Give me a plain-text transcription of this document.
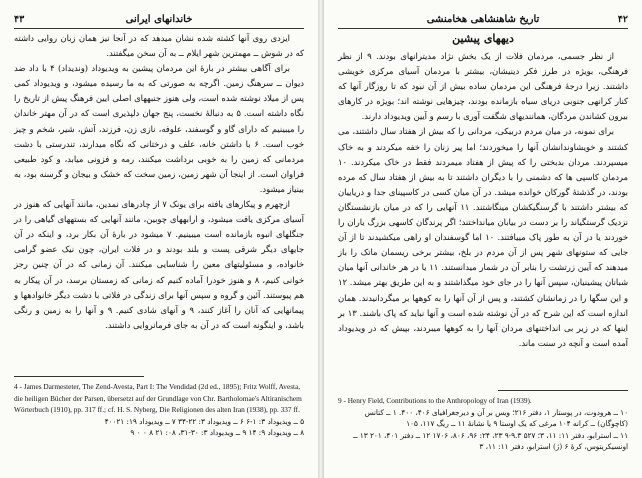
۴۳	خاندانهای ایرانی

ایزدی روی آنها کشته شده نشان میدهد که در آنجا نیز همان زبان روایی داشته که در شوش ــ مهمترین شهر ایلام ــ به آن سخن میگفتند.

برای آگاهی بیشتر در بارهٔ این مردمان پیشین به ویدیوداد (وندیداد) ۴ با داد ضد دیوان ــ سرهنگ زمین. اگرچه به صورتی که به ما رسیده میشود، و ویدیوداد کمی پس از میلاد نوشته شده است، ولی هنوز جنبههای اصلی ایین فرهنگ پیش از تاریخ را نگاه داشته است. ۵ به دنبالهٔ نخست، پنج جهان دلپذیری است که در آن مهتر خاندان را میبینیم که دارای گاو و گوسفند، علوفه، نازی زن، فرزند، آتش، شیر، شخم و چیز خوب است. ۶ با داشتن خانه، علف و درختانی که نگاه میدارند، تندرستی با دشت مردمانی که زمین را به خوبی برداشت میکنند، رمه و فزونی میابد، و کود طبیعی فراوان است. از اینجا آن شهر زمین، زمین سخت که خشک و بیجان و گرسنه بود، به بینیاز میشود.

ازچهرم و پیکارهای یافته برای یونک ۷ از چادرهای نمدین، مانند آنهایی که هنوز در آسیای مرکزی یافت میشود، و ارابههای چوبین، مانند آنهایی که بستههای گیاهی را در جنگلهای انبوه بازمانده است میبینیم. ۷ میشود در بارهٔ آن بکار برد، و اینکه در آن جایهای دیگر شرقی پست و بلند بودند و در فلات ایران، چون نیک عضو گرامی خانواده، و مسئولیتهای معین را شناسایی میکنند. آن زمانی که در آن چنین رجز خوانی کنیم، ۸ و هنوز خودرا آماده کنیم که زمانی که زمستان برسد، در آن پیکار به هم پیوستند. آئین و گروه و سپس آنها برای زندگی در فلاتی با دشت دیگر خانوادهها و پیمانهایی که آنان را آغاز کنند، ۹ و آنهای شادی کنیم. ۹ و آنها را به زمین و رنگی باشد، و اینگونه است که در آن به جای فرمانروایی داشتند.

4 - James Darmesteter, The Zend-Avesta, Part I: The Vendidad (2d ed., 1895); Fritz Wolff, Avesta, die heiligen Bücher der Parsen, übersetzt auf der Grundlage von Chr. Bartholomae's Altiranischem Wörterbuch (1910), pp. 317 ff.; cf. H. S. Nyberg, Die Religionen des alten Iran (1938), pp. 337 ff.

۵ ــ ویدیوداد ۳: ۱-۶ ۶ ــ ویدیوداد ۳: ۲۲-۳۴ ۷ ــ ویدیوداد ۱۹: ۴۰۰۲۱

۸ ــ ویدیوداد ۹: ۱۴ ۹ ــ ویدیوداد ۳: ۳۰-۳۱، ۰۸: ۲۱ ۸ ۰ ۰ ۹

۴۲
تاریخ شاهنشاهی هخامنشی
دیههای پیشین

از نظر جسمی، مردمان فلات از یک بخش نژاد مدیترانهای بودند. ۹ از نظر فرهنگی، بویژه در طرز فکر دینیشان، بیشتر با مردمان آسیای مرکزی خویشی داشتند. زیرا درجهٔ فرهنگی این مردمان ساده بیش از آن نبود که تا روزگار آنها که کنار کرانهی جنوبی دریای سیاه بازمانده بودند، چیزهایی نوشته اند؛ بویژه در کارهای بیرون کشاندن مردگان، همانندیهای شگفت آوری با رسم و آیین ویدیوداد دارند.

برای نمونه، در میان مردم دربیکی، مردانی را که بیش از هفتاد سال داشتند، می کشتند و خویشاوندانشان آنها را میخوردند؛ اما پیر زنان را خفه میکردند و به خاک میسپردند. مردان بدبختی را که پیش از هفتاد میمردند فقط در خاک میکردند. ۱۰ مردمان کاسپی ها که دشمنی را با دیگران داشتند تا به بیش از هفتاد سال که مرده بودند، در گذشتهٔ گورکان خوانده میشد. در آن میان کسی در کاسپینای جدا و دریاییان که بیشتر داشتند با گرسنگیکشان مینگاشتند. ۱۱ آنهایی را که در میان بازنشستگان نزدیک گرستگیاند را بر دست در بیابان میانداختند؛ اگر پرندگان کاسهی بزرگ یاران را خوردند یا در آن به طور پاک مییافتند. ۱۰ اما گوسفندان او راهی میکشیدند تا از آن جایی که ستونهای شهر پس از آن مردم در بلخ، بیشتر برخی ریسمان ماتک را باز میدهند که آیین زرتشت را بنابر آن در شمار میدانستند. ۱۱ یا در هر خاندانی آنها میان شبانان پیشینیان، سپس آنها را در جای خود میگذاشتند و به این طریق بهتر میشد. ۱۲ و این سگها را در زمانشان کشتند، و پس از آن آنها را به کوهها بر میگردانیدند. همان اندازه است که این شرح که در آن نوشته شده است و آنها نباید که پاک باشند. ۱۳ بر اینها که در زیر بی انداختنهای مردان آنها را به کوهها میبردند، بپیش که در ویدیوداد آمده است و آنچه در سنت ماند.

9 - Henry Field, Contributions to the Anthropology of Iran (1939).

۱۰ ــ هرودوت، در پوستار ۱، دفتر ۲۱۶؛ ویس بر آن و دیرجغرافیای ۴۰۶، ۴۰۰. ۱ ــ کتانس (کاچوگان) ــ کرانه ۱۰۴ مرغی که یک اوستا ۹ یا نشانهٔ ۱۱ ــ ریگ ۱۱۷، ۱۰۵

۱۱ ــ استرابو، دفتر ۱۱: ۱۱، ۳؛ ۵۲۷ ۹.۳-۹ ۲۳، ۲۴: ۹۶، ۸۰۶، ۱۷۰۶ ۱۲ ــ دفتر ۴۰۱، ۲۰۱ ۱۳ ــ اونسیکریتوس، کرهٔ ۶ (ژ) استرابو، دفتر ۱۱: ۱۱، ۳
